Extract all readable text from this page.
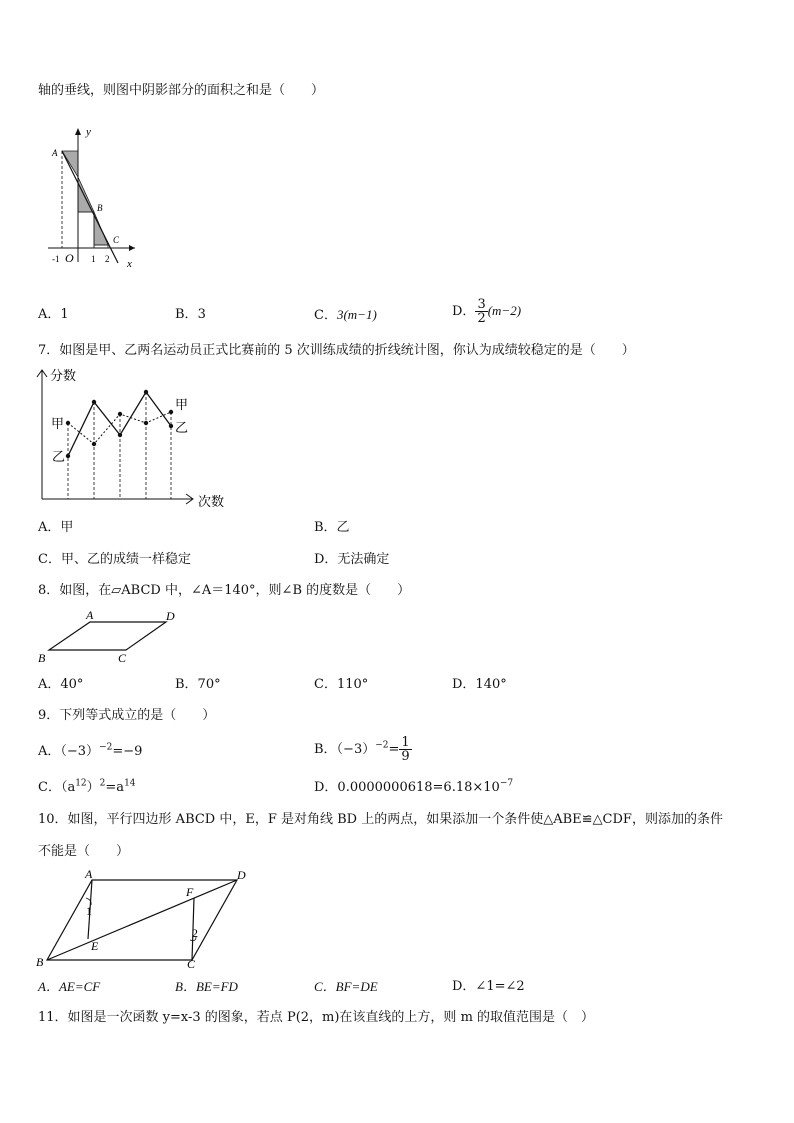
轴的垂线，则图中阴影部分的面积之和是（　　）
y
x
A
B
C
O
-1	1 2
A．1	B．3	C．3(m−1)	D． $\frac{3}{2} (m-2)$
7．如图是甲、乙两名运动员正式比赛前的 5 次训练成绩的折线统计图，你认为成绩较稳定的是（　　）
分数
次数
甲
乙
甲
乙
A．甲	B．乙
C．甲、乙的成绩一样稳定	D．无法确定
8．如图，在▱ABCD 中，∠A＝140°，则∠B 的度数是（　　）
A	D
B	C
A．40°	B．70°	C．110°	D．140°
9．下列等式成立的是（　　）
A．$(-3)^{-2}=-9$	B．$(-3)^{-2}= \frac{1}{9}$
C．$(a^{12})^2=a^{14}$	D．$0.0000000618=6.18\times 10^{-7}$
10．如图，平行四边形 ABCD 中，E，F 是对角线 BD 上的两点，如果添加一个条件使△ABE≌△CDF，则添加的条件
不能是（　　）
A	D
B	C
E
F
1
2
A．AE=CF	B．BE=FD	C．BF=DE	D．∠1=∠2
11．如图是一次函数 y=x-3 的图象，若点 P(2，m)在该直线的上方，则 m 的取值范围是（　）
